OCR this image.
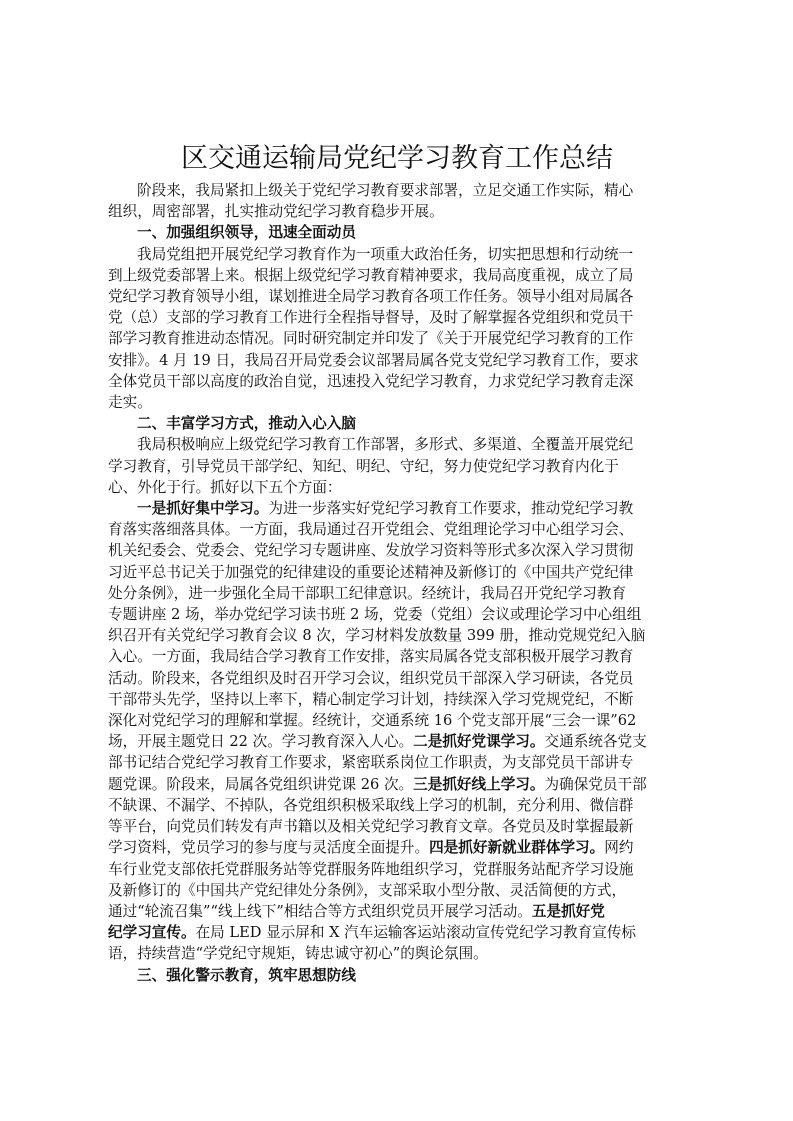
区交通运输局党纪学习教育工作总结

阶段来，我局紧扣上级关于党纪学习教育要求部署，立足交通工作实际，精心

组织，周密部署，扎实推动党纪学习教育稳步开展。

一、加强组织领导，迅速全面动员

我局党组把开展党纪学习教育作为一项重大政治任务，切实把思想和行动统一

到上级党委部署上来。根据上级党纪学习教育精神要求，我局高度重视，成立了局

党纪学习教育领导小组，谋划推进全局学习教育各项工作任务。领导小组对局属各

党（总）支部的学习教育工作进行全程指导督导，及时了解掌握各党组织和党员干

部学习教育推进动态情况。同时研究制定并印发了《关于开展党纪学习教育的工作

安排》。4 月 19 日，我局召开局党委会议部署局属各党支党纪学习教育工作，要求

全体党员干部以高度的政治自觉，迅速投入党纪学习教育，力求党纪学习教育走深

走实。

二、丰富学习方式，推动入心入脑

我局积极响应上级党纪学习教育工作部署，多形式、多渠道、全覆盖开展党纪

学习教育，引导党员干部学纪、知纪、明纪、守纪，努力使党纪学习教育内化于

心、外化于行。抓好以下五个方面：

一是抓好集中学习。为进一步落实好党纪学习教育工作要求，推动党纪学习教

育落实落细落具体。一方面，我局通过召开党组会、党组理论学习中心组学习会、

机关纪委会、党委会、党纪学习专题讲座、发放学习资料等形式多次深入学习贯彻

习近平总书记关于加强党的纪律建设的重要论述精神及新修订的《中国共产党纪律

处分条例》，进一步强化全局干部职工纪律意识。经统计，我局召开党纪学习教育

专题讲座 2 场，举办党纪学习读书班 2 场，党委（党组）会议或理论学习中心组组

织召开有关党纪学习教育会议 8 次，学习材料发放数量 399 册，推动党规党纪入脑

入心。一方面，我局结合学习教育工作安排，落实局属各党支部积极开展学习教育

活动。阶段来，各党组织及时召开学习会议，组织党员干部深入学习研读，各党员

干部带头先学，坚持以上率下，精心制定学习计划，持续深入学习党规党纪，不断

深化对党纪学习的理解和掌握。经统计，交通系统 16 个党支部开展“三会一课”62

场，开展主题党日 22 次。学习教育深入人心。二是抓好党课学习。交通系统各党支

部书记结合党纪学习教育工作要求，紧密联系岗位工作职责，为支部党员干部讲专

题党课。阶段来，局属各党组织讲党课 26 次。三是抓好线上学习。为确保党员干部

不缺课、不漏学、不掉队，各党组织积极采取线上学习的机制，充分利用、微信群

等平台，向党员们转发有声书籍以及相关党纪学习教育文章。各党员及时掌握最新

学习资料，党员学习的参与度与灵活度全面提升。四是抓好新就业群体学习。网约

车行业党支部依托党群服务站等党群服务阵地组织学习，党群服务站配齐学习设施

及新修订的《中国共产党纪律处分条例》，支部采取小型分散、灵活简便的方式，

通过“轮流召集”“线上线下”相结合等方式组织党员开展学习活动。五是抓好党

纪学习宣传。在局 LED 显示屏和 X 汽车运输客运站滚动宣传党纪学习教育宣传标

语，持续营造“学党纪守规矩，铸忠诚守初心”的舆论氛围。

三、强化警示教育，筑牢思想防线
